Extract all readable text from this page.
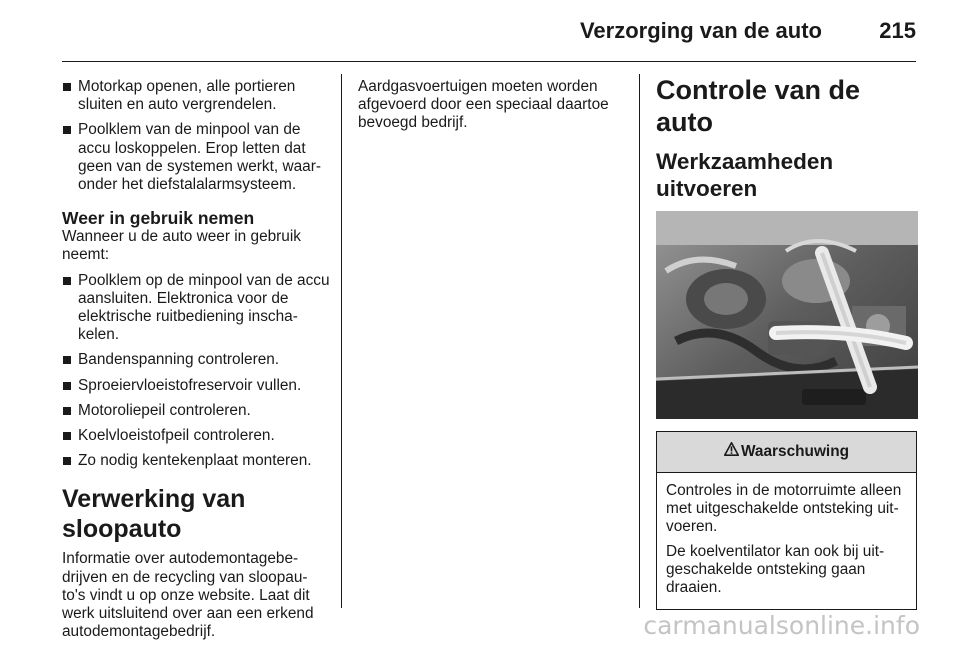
Verzorging van de auto	215
Motorkap openen, alle portieren sluiten en auto vergrendelen.
Poolklem van de minpool van de accu loskoppelen. Erop letten dat geen van de systemen werkt, waar-onder het diefstalalarmsysteem.
Weer in gebruik nemen

Wanneer u de auto weer in gebruik neemt:

Poolklem op de minpool van de accu aansluiten. Elektronica voor de elektrische ruitbediening inscha-kelen.
Bandenspanning controleren.
Sproeiervloeistofreservoir vullen.
Motoroliepeil controleren.
Koelvloeistofpeil controleren.
Zo nodig kentekenplaat monteren.
Verwerking van sloopauto

Informatie over autodemontagebe-drijven en de recycling van sloopau-to's vindt u op onze website. Laat dit werk uitsluitend over aan een erkend autodemontagebedrijf.

Aardgasvoertuigen moeten worden afgevoerd door een speciaal daartoe bevoegd bedrijf.

Controle van de auto
Werkzaamheden uitvoeren
Waarschuwing

Controles in de motorruimte alleen met uitgeschakelde ontsteking uit-voeren.

De koelventilator kan ook bij uit-geschakelde ontsteking gaan draaien.

carmanualsonline.info
